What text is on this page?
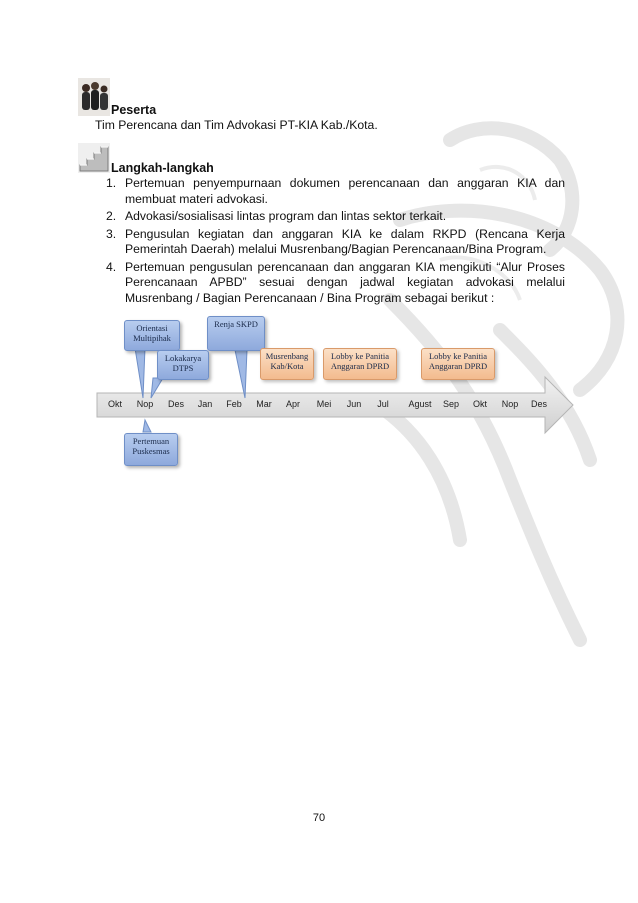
Peserta
Tim Perencana dan Tim Advokasi PT-KIA Kab./Kota.
Langkah-langkah
1. Pertemuan penyempurnaan dokumen perencanaan dan anggaran KIA dan membuat materi advokasi.
2. Advokasi/sosialisasi lintas program dan lintas sektor terkait.
3. Pengusulan kegiatan dan anggaran KIA ke dalam RKPD (Rencana Kerja Pemerintah Daerah) melalui Musrenbang/Bagian Perencanaan/Bina Program.
4. Pertemuan pengusulan perencanaan dan anggaran KIA mengikuti “Alur Proses Perencanaan APBD” sesuai dengan jadwal kegiatan advokasi melalui Musrenbang / Bagian Perencanaan / Bina Program sebagai berikut :
Okt	Nop	Des	Jan	Feb	Mar	Apr	Mei	Jun	Jul	Agust	Sep	Okt	Nop	Des
Orientasi Multipihak
Lokakarya DTPS
Renja SKPD
Pertemuan Puskesmas
Musrenbang Kab/Kota
Lobby ke Panitia Anggaran DPRD
Lobby ke Panitia Anggaran DPRD
70
